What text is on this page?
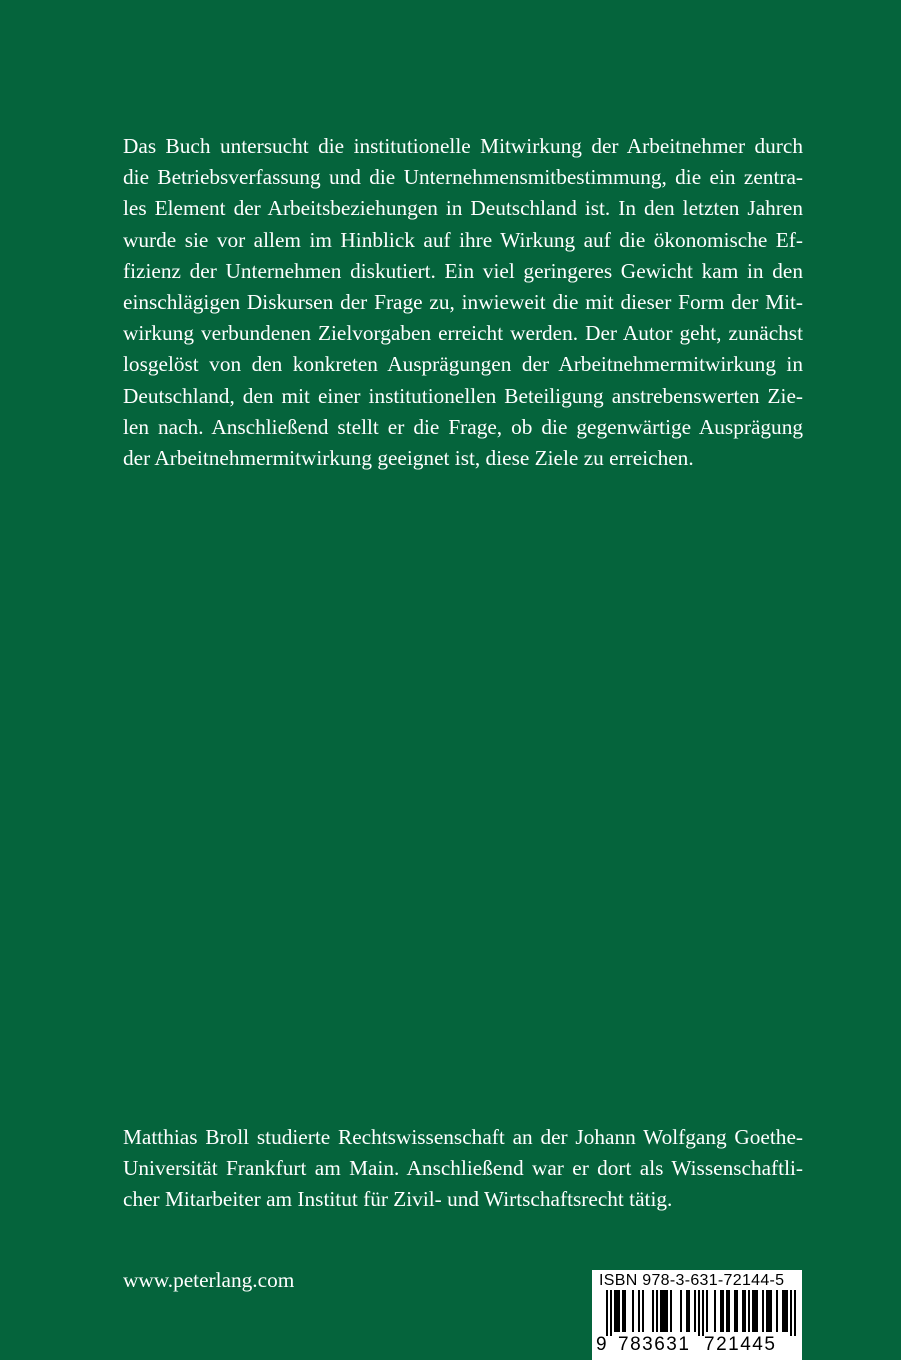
Das Buch untersucht die institutionelle Mitwirkung der Arbeitnehmer durch
die Betriebsverfassung und die Unternehmensmitbestimmung, die ein zentra-
les Element der Arbeitsbeziehungen in Deutschland ist. In den letzten Jahren
wurde sie vor allem im Hinblick auf ihre Wirkung auf die ökonomische Ef-
fizienz der Unternehmen diskutiert. Ein viel geringeres Gewicht kam in den
einschlägigen Diskursen der Frage zu, inwieweit die mit dieser Form der Mit-
wirkung verbundenen Zielvorgaben erreicht werden. Der Autor geht, zunächst
losgelöst von den konkreten Ausprägungen der Arbeitnehmermitwirkung in
Deutschland, den mit einer institutionellen Beteiligung anstrebenswerten Zie-
len nach. Anschließend stellt er die Frage, ob die gegenwärtige Ausprägung
der Arbeitnehmermitwirkung geeignet ist, diese Ziele zu erreichen.
Matthias Broll studierte Rechtswissenschaft an der Johann Wolfgang Goethe-
Universität Frankfurt am Main. Anschließend war er dort als Wissenschaftli-
cher Mitarbeiter am Institut für Zivil- und Wirtschaftsrecht tätig.
www.peterlang.com	ISBN 978-3-631-72144-5
9 783631 721445
